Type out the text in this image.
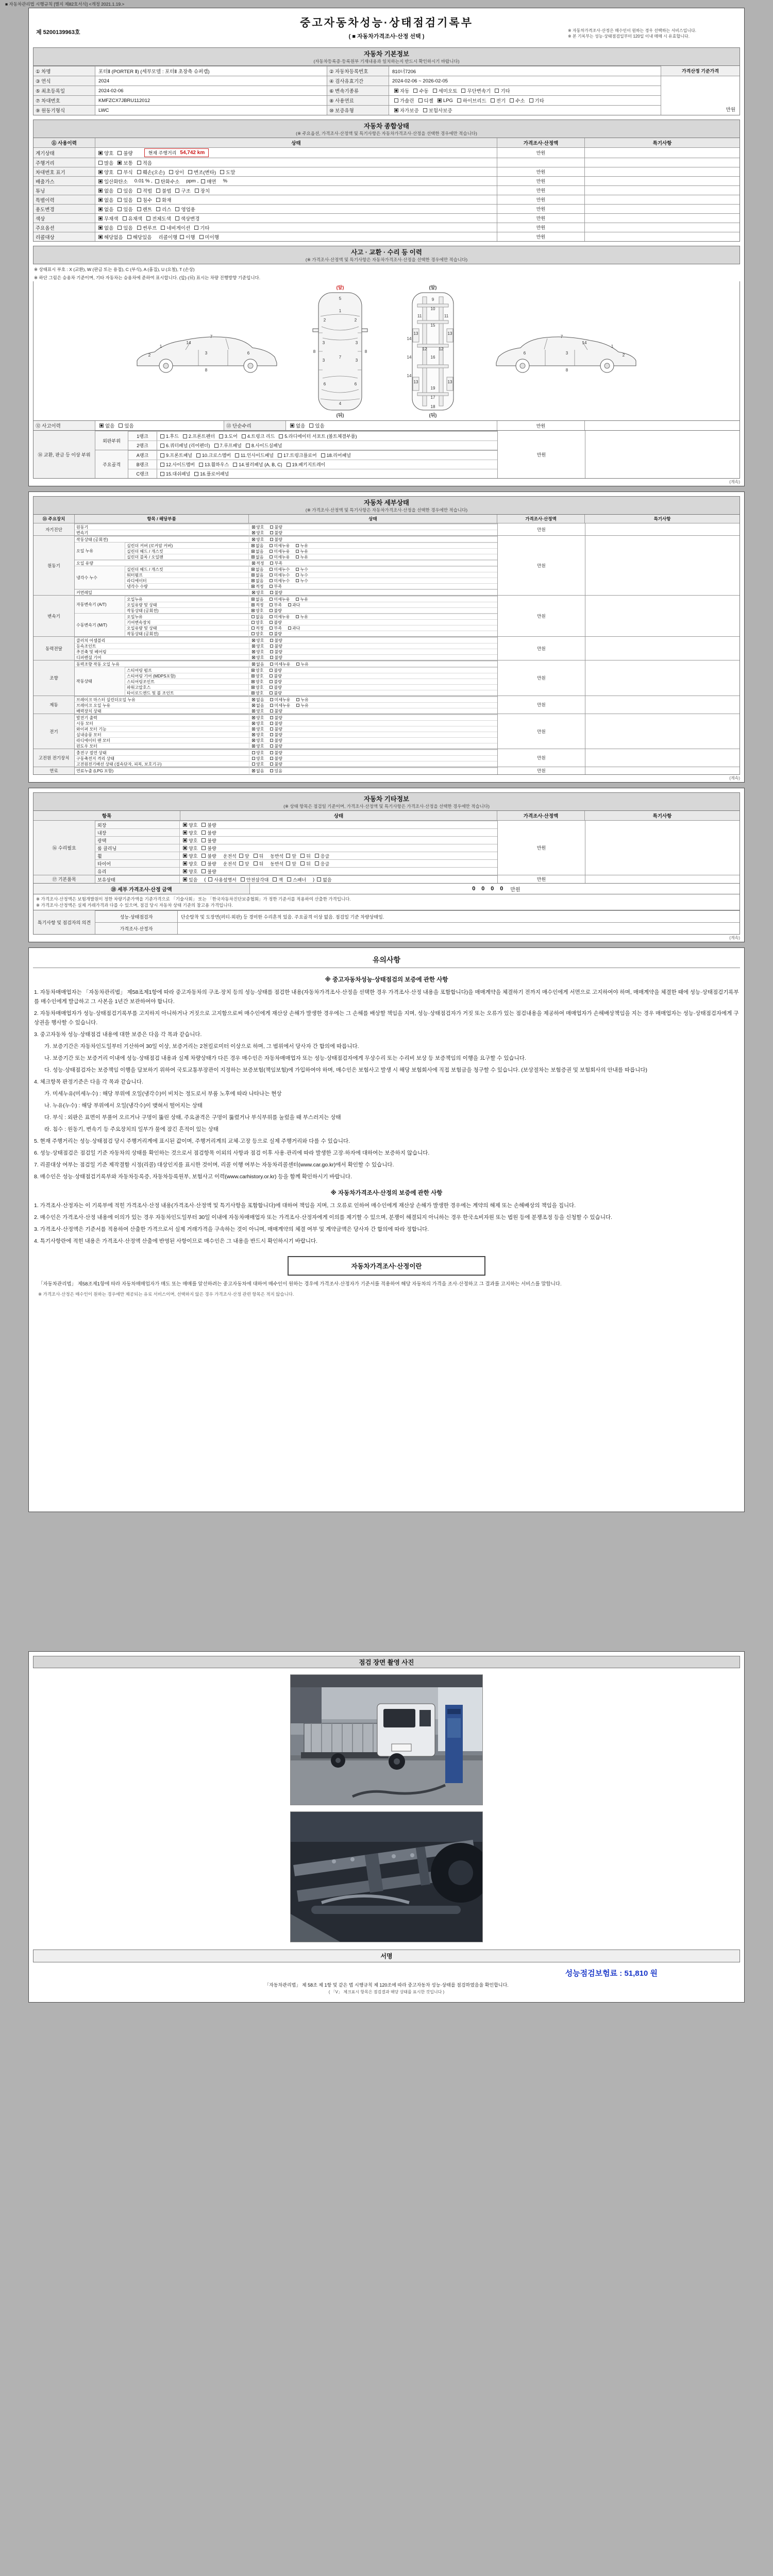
■ 자동차관리법 시행규칙 [별지 제82호서식] <개정 2021.1.19.>
제 5200139963호
중고자동차성능·상태점검기록부
( ■ 자동차가격조사·산정 선택 )
※ 자동차가격조사·산정은 매수인이 원하는 경우 선택하는 서비스입니다.
※ 본 기록부는 성능·상태점검일부터 120일 이내 매매 시 유효합니다.
자동차 기본정보
(자동차등록증·등록원부 기재내용과 일치하는지 반드시 확인하시기 바랍니다)
① 차명	포터Ⅱ (PORTER Ⅱ) (세부모델 : 포터Ⅱ 초장축 슈퍼캡)	② 자동차등록번호	810너7206
③ 연식	2024	④ 검사유효기간	2024-02-06 ~ 2026-02-05
⑤ 최초등록일	2024-02-06	⑥ 변속기종류	자동 수동 세미오토 무단변속기 기타
⑦ 차대번호	KMFZCX7JBRU112012	⑧ 사용연료	가솔린 디젤 LPG 하이브리드 전기 수소 기타
⑨ 원동기형식	LWC	⑩ 보증유형	자가보증 보험사보증
가격산정 기준가격
만원
자동차 종합상태
(※ 주요옵션, 가격조사·산정액 및 특기사항은 자동차가격조사·산정을 선택한 경우에만 적습니다)
⑪ 사용이력	상태	가격조사·산정액	특기사항
계기상태	양호 불량	현재 주행거리 54,742 km	만원
주행거리	많음 보통 적음
차대번호 표기	양호 부식 훼손(오손) 상이 변조(변타) 도말	만원
배출가스	일산화탄소 0.01 % , 탄화수소 ppm , 매연 %	만원
튜닝	없음 있음 적법 불법 구조 장치	만원
특별이력	없음 있음 침수 화재	만원
용도변경	없음 있음 렌트 리스 영업용	만원
색상	무채색 유채색 전체도색 색상변경	만원
주요옵션	없음 있음 썬루프 네비게이션 기타	만원
리콜대상	해당없음 해당있음 리콜이행 이행 미이행	만원
사고 · 교환 · 수리 등 이력
(※ 가격조사·산정액 및 특기사항은 자동차가격조사·산정을 선택한 경우에만 적습니다)
※ 상태표시 부호 : X (교환), W (판금 또는 용접), C (부식), A (흠집), U (요철), T (손상)
※ 하단 그림은 승용차 기준이며, 기타 자동차는 승용차에 준하여 표시합니다. (앞)·(뒤) 표시는 차량 진행방향 기준입니다.
1
2	3	6
7
8
14
(앞)
5
1
2	2
3	3
3	3
7
8	8
6	6
4
(뒤)
(앞)
9
10
11	11
15
13	13
12	12
16
14
14
14
13	13
19
17
18
(뒤)
1
2
3
6
7
8
14
⑫ 사고이력	없음 있음	⑬ 단순수리	없음 있음	만원
⑭ 교환, 판금 등 이상 부위
외판부위
1랭크	1.후드 2.프론트펜더 3.도어 4.트렁크 리드 5.라디에이터 서포트 (볼트체결부품)
2랭크	6.쿼터패널 (리어펜더) 7.루프패널 8.사이드실패널
주요골격
A랭크	9.프론트패널 10.크로스멤버 11.인사이드패널 17.트렁크플로어 18.리어패널
B랭크	12.사이드멤버 13.휠하우스 14.필러패널 (A, B, C) 19.패키지트레이
C랭크	15.대쉬패널 16.플로어패널
만원
(계속)
자동차 세부상태
(※ 가격조사·산정액 및 특기사항은 자동차가격조사·산정을 선택한 경우에만 적습니다)
⑮ 주요장치	항목 / 해당부품	상태	가격조사·산정액	특기사항
자기진단	원동기	양호	불량
변속기	양호	불량
만원
원동기
작동상태 (공회전)	양호	불량
오일 누유
실린더 커버 (로커암 커버)	없음	미세누유	누유
실린더 헤드 / 개스킷	없음	미세누유	누유
실린더 블록 / 오일팬	없음	미세누유	누유
오일 유량	적정	부족
냉각수 누수
실린더 헤드 / 개스킷	없음	미세누수	누수
워터펌프	없음	미세누수	누수
라디에이터	없음	미세누수	누수
냉각수 수량	적정	부족
커먼레일	양호	불량
만원
변속기
자동변속기 (A/T)
오일누유	없음	미세누유	누유
오일유량 및 상태	적정	부족	과다
작동상태 (공회전)	양호	불량
수동변속기 (M/T)
오일누유	없음	미세누유	누유
기어변속장치	양호	불량
오일유량 및 상태	적정	부족	과다
작동상태 (공회전)	양호	불량
만원
동력전달
클러치 어셈블리	양호	불량
등속조인트	양호	불량
추진축 및 베어링	양호	불량
디퍼렌셜 기어	양호	불량
만원
조향
동력조향 작동 오일 누유	없음	미세누유	누유
작동상태
스티어링 펌프	양호	불량
스티어링 기어 (MDPS포함)	양호	불량
스티어링조인트	양호	불량
파워고압호스	양호	불량
타이로드엔드 및 볼 조인트	양호	불량
만원
제동
브레이크 마스터 실린더오일 누유	없음	미세누유	누유
브레이크 오일 누유	없음	미세누유	누유
배력장치 상태	양호	불량
만원
전기
발전기 출력	양호	불량
시동 모터	양호	불량
와이퍼 모터 기능	양호	불량
실내송풍 모터	양호	불량
라디에이터 팬 모터	양호	불량
윈도우 모터	양호	불량
만원
고전원 전기장치
충전구 절연 상태	양호	불량
구동축전지 격리 상태	양호	불량
고전원전기배선 상태 (접속단자, 피복, 보호기구)	양호	불량
만원
연료	연료누출 (LPG 포함)	없음	있음	만원
(계속)
자동차 기타정보
(※ 상태 항목은 점검일 기준이며, 가격조사·산정액 및 특기사항은 가격조사·산정을 선택한 경우에만 적습니다)
항목	상태	가격조사·산정액	특기사항
⑯ 수리필요
외장	양호 불량
내장	양호 불량
광택	양호 불량
룸 클리닝	양호 불량
휠	양호 불량 운전석 앞 뒤 동반석 앞 뒤 응급
타이어	양호 불량 운전석 앞 뒤 동반석 앞 뒤 응급
유리	양호 불량
만원
⑰ 기본품목	보유상태	있음 ( 사용설명서 안전삼각대 잭 스패너 ) 없음	만원
⑱ 세부 가격조사·산정 금액	0	0	0	0	만원
※ 가격조사·산정액은 보험개발원이 정한 차량기준가액을 기준가격으로 「기술사회」 또는 「한국자동차진단보증협회」가 정한 기준서를 적용하여 산출한 가격입니다.
※ 가격조사·산정액은 실제 거래가격과 다를 수 있으며, 점검 당시 자동차 상태 기준의 참고용 가격입니다.
특기사항 및 점검자의 의견
성능·상태점검자	단순탈착 및 도장면(퍼티·외판) 등 경미한 수리흔적 있음. 주요골격 이상 없음. 점검일 기준 차량상태임.
가격조사·산정자
(계속)
유의사항
※ 중고자동차성능·상태점검의 보증에 관한 사항
1. 자동차매매업자는 「자동차관리법」 제58조제1항에 따라 중고자동차의 구조·장치 등의 성능·상태를 점검한 내용(자동차가격조사·산정을 선택한 경우 가격조사·산정 내용을 포함합니다)을 매매계약을 체결하기 전까지 매수인에게 서면으로 고지하여야 하며, 매매계약을 체결한 때에 성능·상태점검기록부를 매수인에게 발급하고 그 사본을 1년간 보관하여야 합니다.
2. 자동차매매업자가 성능·상태점검기록부를 고지하지 아니하거나 거짓으로 고지함으로써 매수인에게 재산상 손해가 발생한 경우에는 그 손해를 배상할 책임을 지며, 성능·상태점검자가 거짓 또는 오류가 있는 점검내용을 제공하여 매매업자가 손해배상책임을 지는 경우 매매업자는 성능·상태점검자에게 구상권을 행사할 수 있습니다.
3. 중고자동차 성능·상태점검 내용에 대한 보증은 다음 각 목과 같습니다.
가. 보증기간은 자동차인도일부터 기산하여 30일 이상, 보증거리는 2천킬로미터 이상으로 하며, 그 범위에서 당사자 간 합의에 따릅니다.
나. 보증기간 또는 보증거리 이내에 성능·상태점검 내용과 실제 차량상태가 다른 경우 매수인은 자동차매매업자 또는 성능·상태점검자에게 무상수리 또는 수리비 보상 등 보증책임의 이행을 요구할 수 있습니다.
다. 성능·상태점검자는 보증책임 이행을 담보하기 위하여 국토교통부장관이 지정하는 보증보험(책임보험)에 가입하여야 하며, 매수인은 보험사고 발생 시 해당 보험회사에 직접 보험금을 청구할 수 있습니다. (보상절차는 보험증권 및 보험회사의 안내를 따릅니다)
4. 체크항목 판정기준은 다음 각 목과 같습니다.
가. 미세누유(미세누수) : 해당 부위에 오일(냉각수)이 비치는 정도로서 부품 노후에 따라 나타나는 현상
나. 누유(누수) : 해당 부위에서 오일(냉각수)이 맺혀서 떨어지는 상태
다. 부식 : 외판은 표면이 부풀어 오르거나 구멍이 뚫린 상태, 주요골격은 구멍이 뚫렸거나 부식부위를 눌렀을 때 부스러지는 상태
라. 침수 : 원동기, 변속기 등 주요장치의 일부가 물에 잠긴 흔적이 있는 상태
5. 현재 주행거리는 성능·상태점검 당시 주행거리계에 표시된 값이며, 주행거리계의 교체·고장 등으로 실제 주행거리와 다를 수 있습니다.
6. 성능·상태점검은 점검일 기준 자동차의 상태를 확인하는 것으로서 점검항목 이외의 사항과 점검 이후 사용·관리에 따라 발생한 고장·하자에 대하여는 보증하지 않습니다.
7. 리콜대상 여부는 점검일 기준 제작결함 시정(리콜) 대상인지를 표시한 것이며, 리콜 이행 여부는 자동차리콜센터(www.car.go.kr)에서 확인할 수 있습니다.
8. 매수인은 성능·상태점검기록부와 자동차등록증, 자동차등록원부, 보험사고 이력(www.carhistory.or.kr) 등을 함께 확인하시기 바랍니다.
※ 자동차가격조사·산정의 보증에 관한 사항
1. 가격조사·산정자는 이 기록부에 적힌 가격조사·산정 내용(가격조사·산정액 및 특기사항을 포함합니다)에 대하여 책임을 지며, 그 오류로 인하여 매수인에게 재산상 손해가 발생한 경우에는 계약의 해제 또는 손해배상의 책임을 집니다.
2. 매수인은 가격조사·산정 내용에 이의가 있는 경우 자동차인도일부터 30일 이내에 자동차매매업자 또는 가격조사·산정자에게 이의를 제기할 수 있으며, 분쟁이 해결되지 아니하는 경우 한국소비자원 또는 법원 등에 분쟁조정 등을 신청할 수 있습니다.
3. 가격조사·산정액은 기준서를 적용하여 산출한 가격으로서 실제 거래가격을 구속하는 것이 아니며, 매매계약의 체결 여부 및 계약금액은 당사자 간 합의에 따라 정합니다.
4. 특기사항란에 적힌 내용은 가격조사·산정액 산출에 반영된 사항이므로 매수인은 그 내용을 반드시 확인하시기 바랍니다.
자동차가격조사·산정이란
「자동차관리법」 제58조제1항에 따라 자동차매매업자가 매도 또는 매매를 알선하려는 중고자동차에 대하여 매수인이 원하는 경우에 가격조사·산정자가 기준서를 적용하여 해당 자동차의 가격을 조사·산정하고 그 결과를 고지하는 서비스를 말합니다.
※ 가격조사·산정은 매수인이 원하는 경우에만 제공되는 유료 서비스이며, 선택하지 않은 경우 가격조사·산정 관련 항목은 적지 않습니다.
점검 장면 촬영 사진
서명
성능점검보험료 : 51,810 원
「자동차관리법」 제 58조 제 1항 및 같은 법 시행규칙 제 120조에 따라 중고자동차 성능·상태를 점검하였음을 확인합니다.
( 「V」 체크표시 항목은 점검결과 해당 상태를 표시한 것입니다 )
